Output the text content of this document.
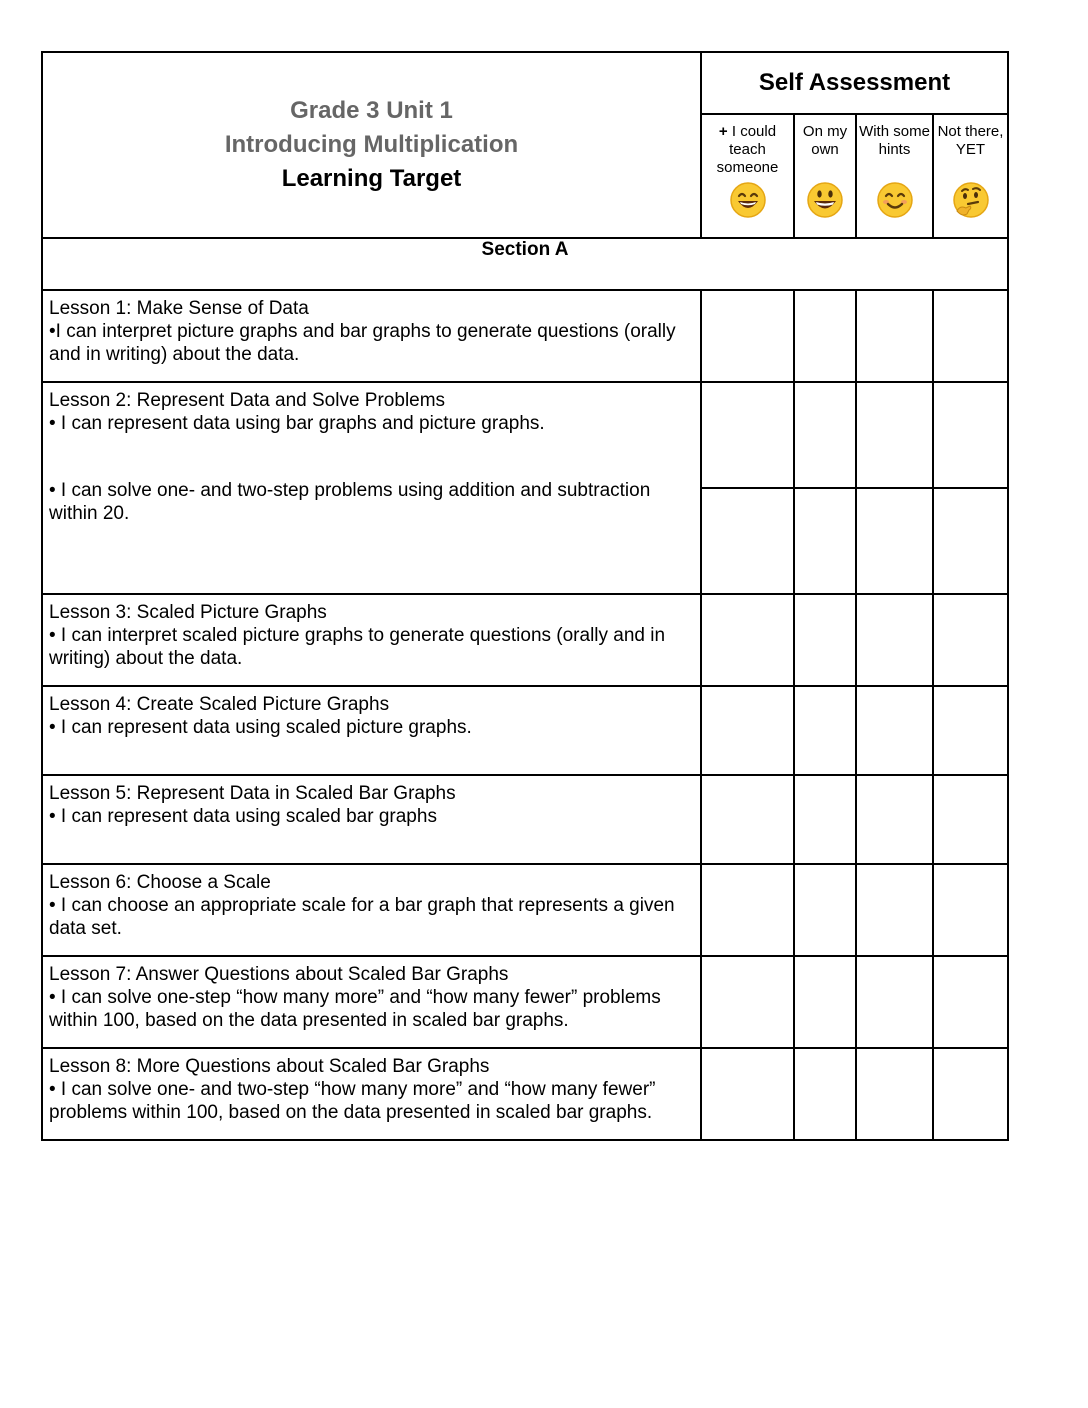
Grade 3 Unit 1
Introducing Multiplication
Learning Target	Self Assessment			

	+ I could teach someone	On my own	With some hints	Not there, YET

Section A				

Lesson 1: Make Sense of Data
•I can interpret picture graphs and bar graphs to generate questions (orally and in writing) about the data.				

Lesson 2: Represent Data and Solve Problems
• I can represent data using bar graphs and picture graphs.
• I can solve one- and two-step problems using addition and subtraction within 20.				

Lesson 3: Scaled Picture Graphs
• I can interpret scaled picture graphs to generate questions (orally and in writing) about the data.				

Lesson 4: Create Scaled Picture Graphs
• I can represent data using scaled picture graphs.				

Lesson 5: Represent Data in Scaled Bar Graphs
• I can represent data using scaled bar graphs				

Lesson 6: Choose a Scale
• I can choose an appropriate scale for a bar graph that represents a given data set.				

Lesson 7: Answer Questions about Scaled Bar Graphs
• I can solve one-step “how many more” and “how many fewer” problems within 100, based on the data presented in scaled bar graphs.				

Lesson 8: More Questions about Scaled Bar Graphs
• I can solve one- and two-step “how many more” and “how many fewer” problems within 100, based on the data presented in scaled bar graphs.				
